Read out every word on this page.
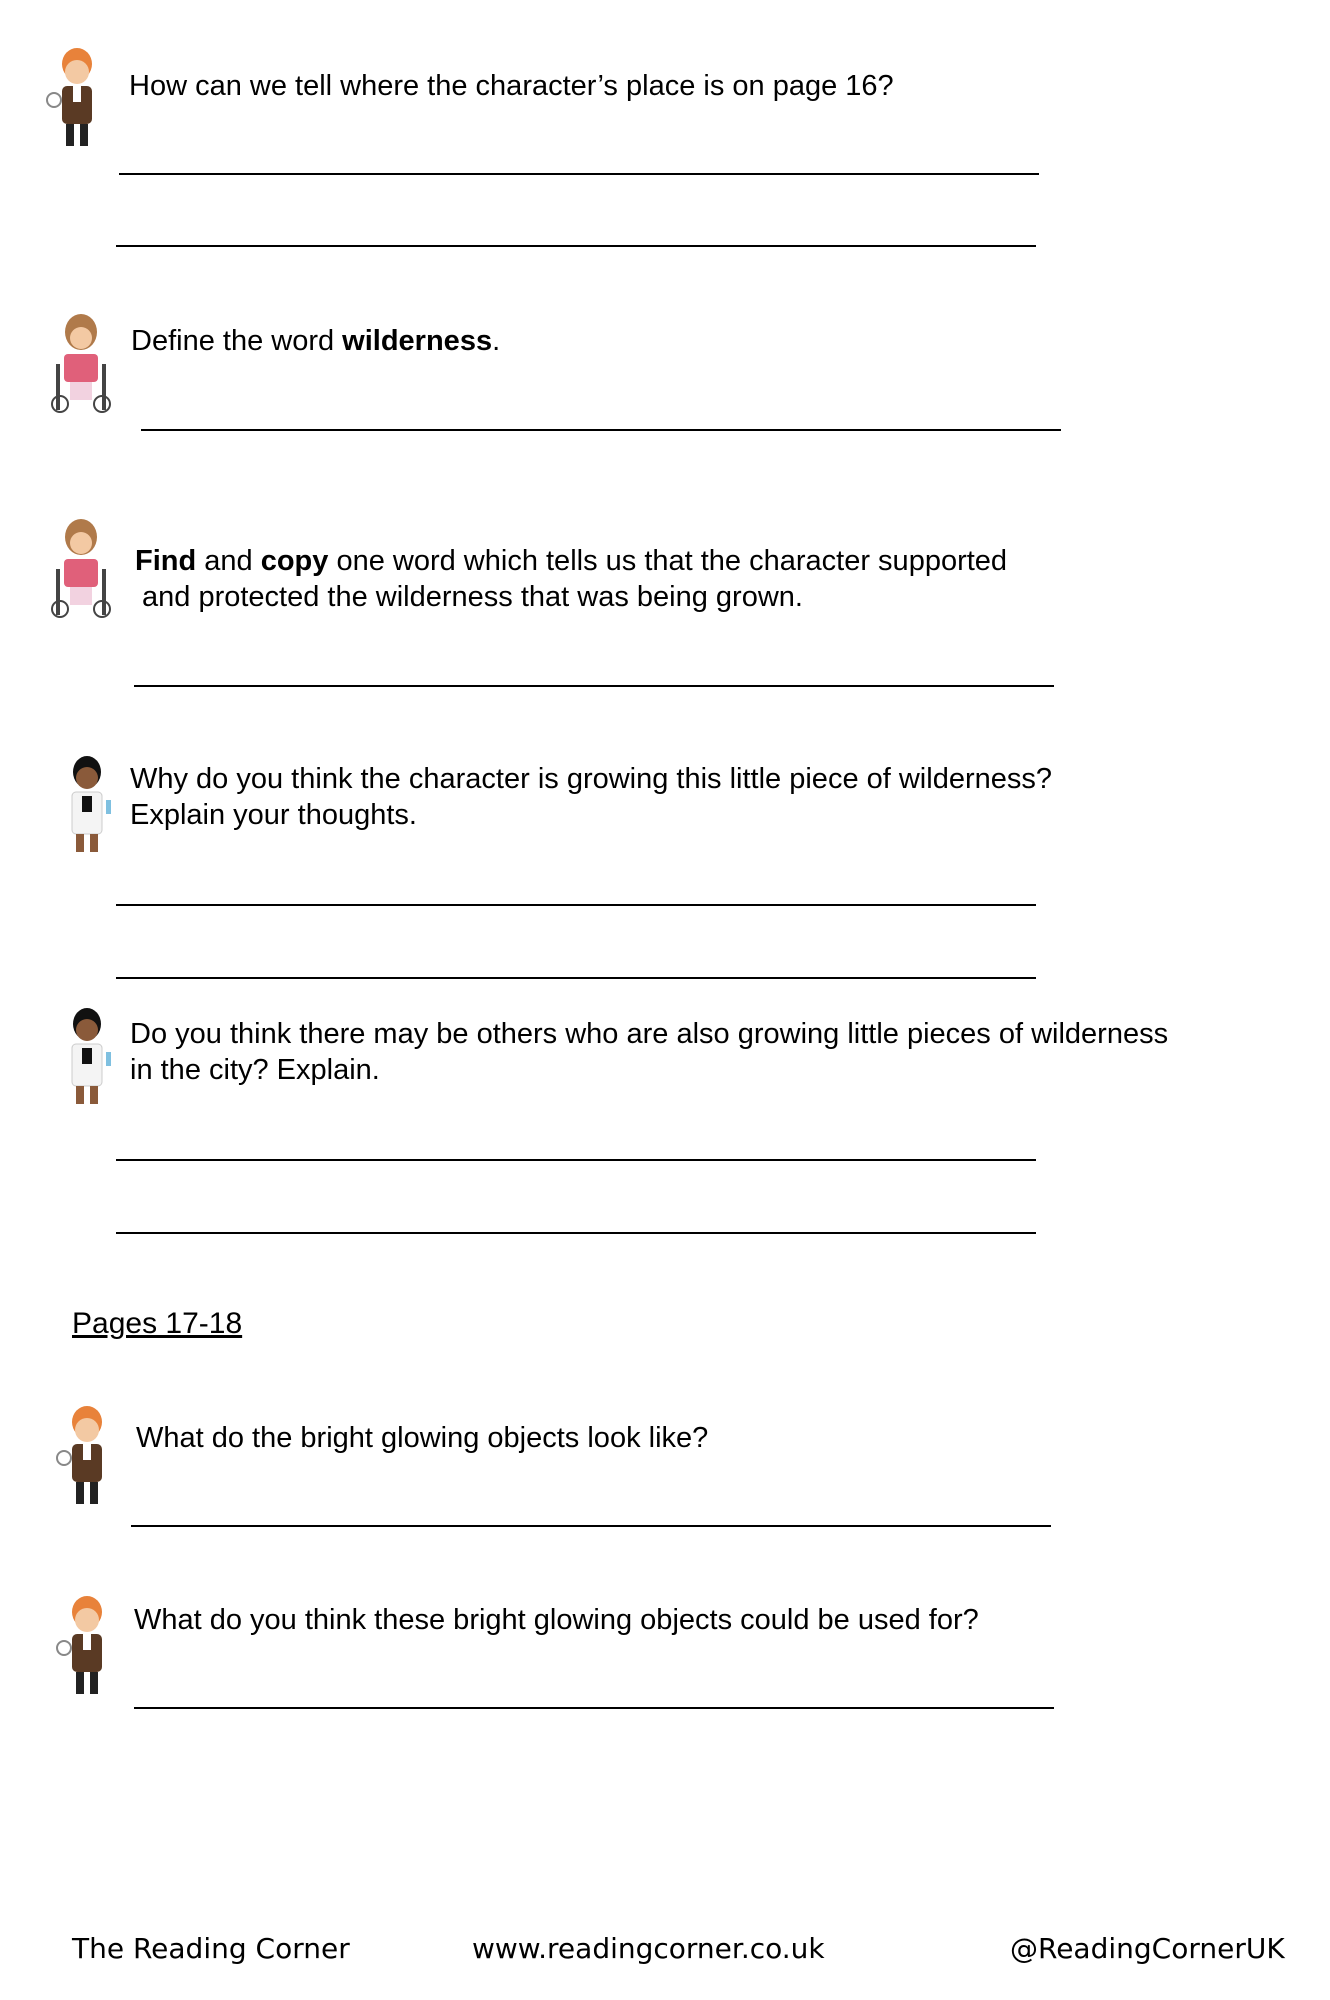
How can we tell where the character’s place is on page 16?

Define the word wilderness.

Find and copy one word which tells us that the character supported

and protected the wilderness that was being grown.

Why do you think the character is growing this little piece of wilderness?

Explain your thoughts.

Do you think there may be others who are also growing little pieces of wilderness

in the city? Explain.

Pages 17-18

What do the bright glowing objects look like?

What do you think these bright glowing objects could be used for?

The Reading Corner	www.readingcorner.co.uk	@ReadingCornerUK
